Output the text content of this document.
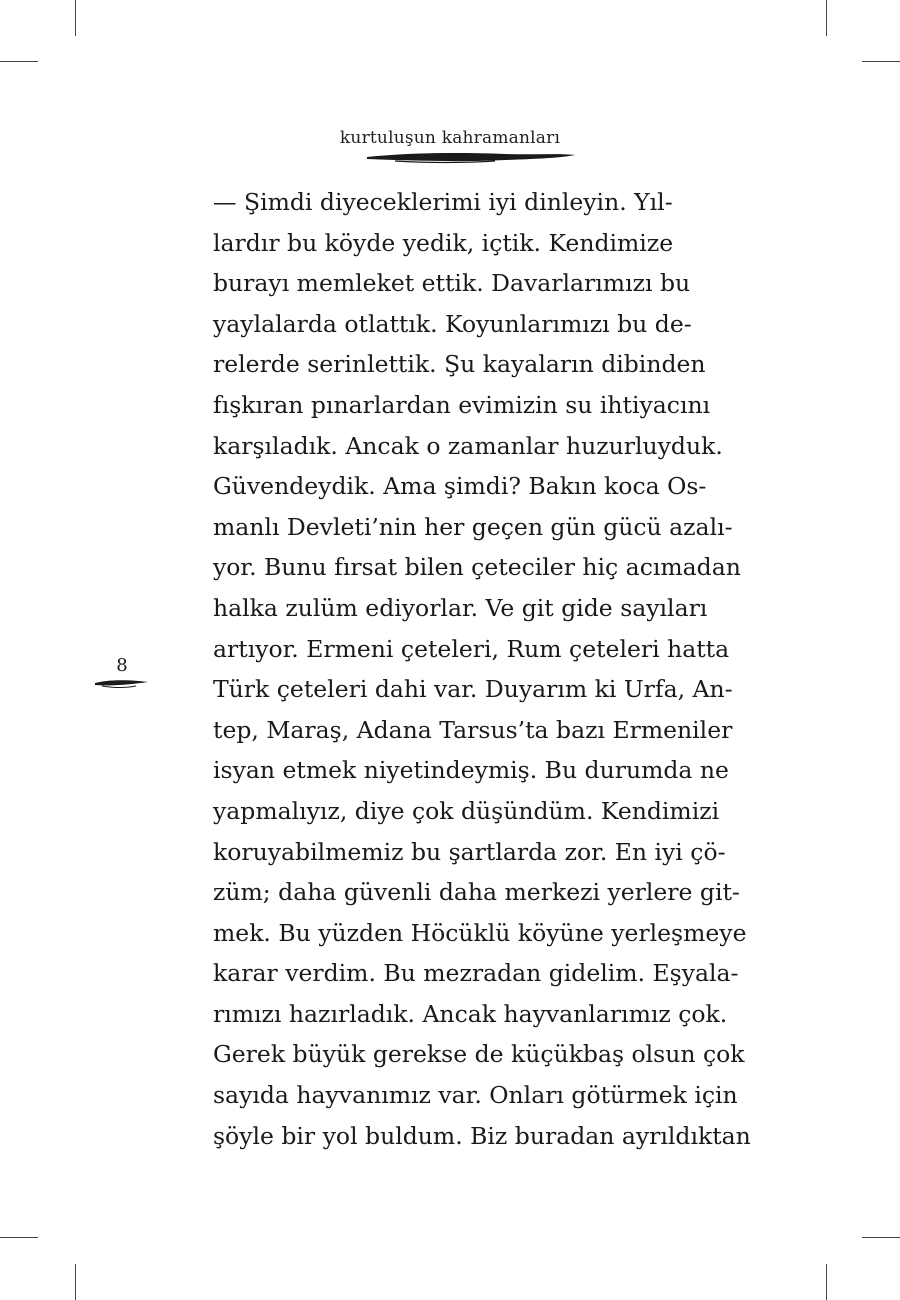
kurtuluşun kahramanları
— Şimdi diyeceklerimi iyi dinleyin. Yıl-
lardır bu köyde yedik, içtik. Kendimize
burayı memleket ettik. Davarlarımızı bu
yaylalarda otlattık. Koyunlarımızı bu de-
relerde serinlettik. Şu kayaların dibinden
fışkıran pınarlardan evimizin su ihtiyacını
karşıladık. Ancak o zamanlar huzurluyduk.
Güvendeydik. Ama şimdi? Bakın koca Os-
manlı Devleti’nin her geçen gün gücü azalı-
yor. Bunu fırsat bilen çeteciler hiç acımadan
halka zulüm ediyorlar. Ve git gide sayıları
artıyor. Ermeni çeteleri, Rum çeteleri hatta
Türk çeteleri dahi var. Duyarım ki Urfa, An-
tep, Maraş, Adana Tarsus’ta bazı Ermeniler
isyan etmek niyetindeymiş. Bu durumda ne
yapmalıyız, diye çok düşündüm. Kendimizi
koruyabilmemiz bu şartlarda zor. En iyi çö-
züm; daha güvenli daha merkezi yerlere git-
mek. Bu yüzden Höcüklü köyüne yerleşmeye
karar verdim. Bu mezradan gidelim. Eşyala-
rımızı hazırladık. Ancak hayvanlarımız çok.
Gerek büyük gerekse de küçükbaş olsun çok
sayıda hayvanımız var. Onları götürmek için
şöyle bir yol buldum. Biz buradan ayrıldıktan
8
